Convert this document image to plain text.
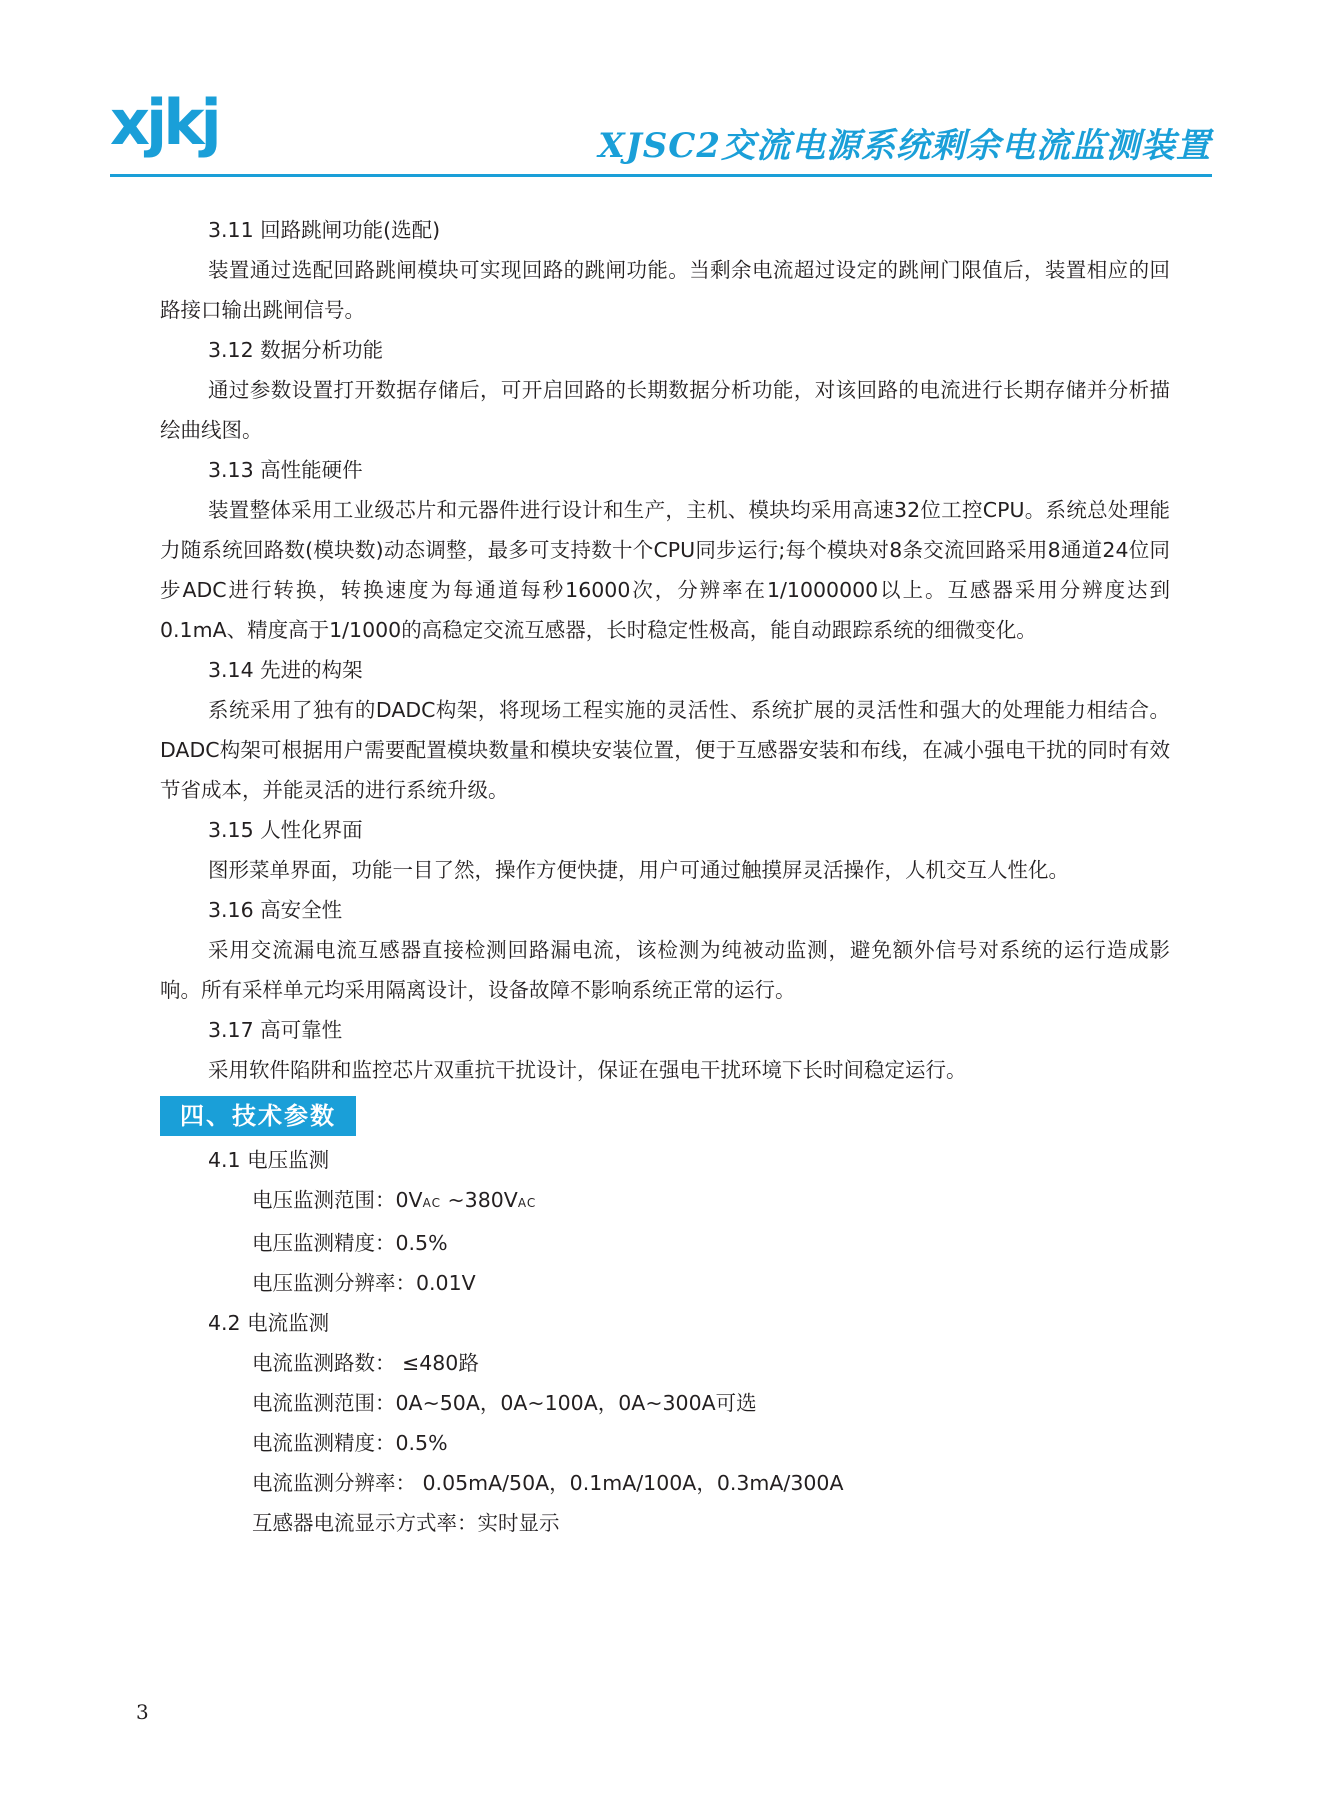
xjkj	XJSC2交流电源系统剩余电流监测装置
3.11 回路跳闸功能(选配)
装置通过选配回路跳闸模块可实现回路的跳闸功能。当剩余电流超过设定的跳闸门限值后，装置相应的回路接口输出跳闸信号。
3.12 数据分析功能
通过参数设置打开数据存储后，可开启回路的长期数据分析功能，对该回路的电流进行长期存储并分析描绘曲线图。
3.13 高性能硬件
装置整体采用工业级芯片和元器件进行设计和生产，主机、模块均采用高速32位工控CPU。系统总处理能力随系统回路数(模块数)动态调整，最多可支持数十个CPU同步运行;每个模块对8条交流回路采用8通道24位同步ADC进行转换，转换速度为每通道每秒16000次，分辨率在1/1000000以上。互感器采用分辨度达到0.1mA、精度高于1/1000的高稳定交流互感器，长时稳定性极高，能自动跟踪系统的细微变化。
3.14 先进的构架
系统采用了独有的DADC构架，将现场工程实施的灵活性、系统扩展的灵活性和强大的处理能力相结合。DADC构架可根据用户需要配置模块数量和模块安装位置，便于互感器安装和布线，在减小强电干扰的同时有效节省成本，并能灵活的进行系统升级。
3.15 人性化界面
图形菜单界面，功能一目了然，操作方便快捷，用户可通过触摸屏灵活操作，人机交互人性化。
3.16 高安全性
采用交流漏电流互感器直接检测回路漏电流，该检测为纯被动监测，避免额外信号对系统的运行造成影响。所有采样单元均采用隔离设计，设备故障不影响系统正常的运行。
3.17 高可靠性
采用软件陷阱和监控芯片双重抗干扰设计，保证在强电干扰环境下长时间稳定运行。
四、技术参数
4.1 电压监测
电压监测范围：0VAC ~380VAC
电压监测精度：0.5%
电压监测分辨率：0.01V
4.2 电流监测
电流监测路数： ≤480路
电流监测范围：0A~50A，0A~100A，0A~300A可选
电流监测精度：0.5%
电流监测分辨率： 0.05mA/50A，0.1mA/100A，0.3mA/300A
互感器电流显示方式率：实时显示
3
